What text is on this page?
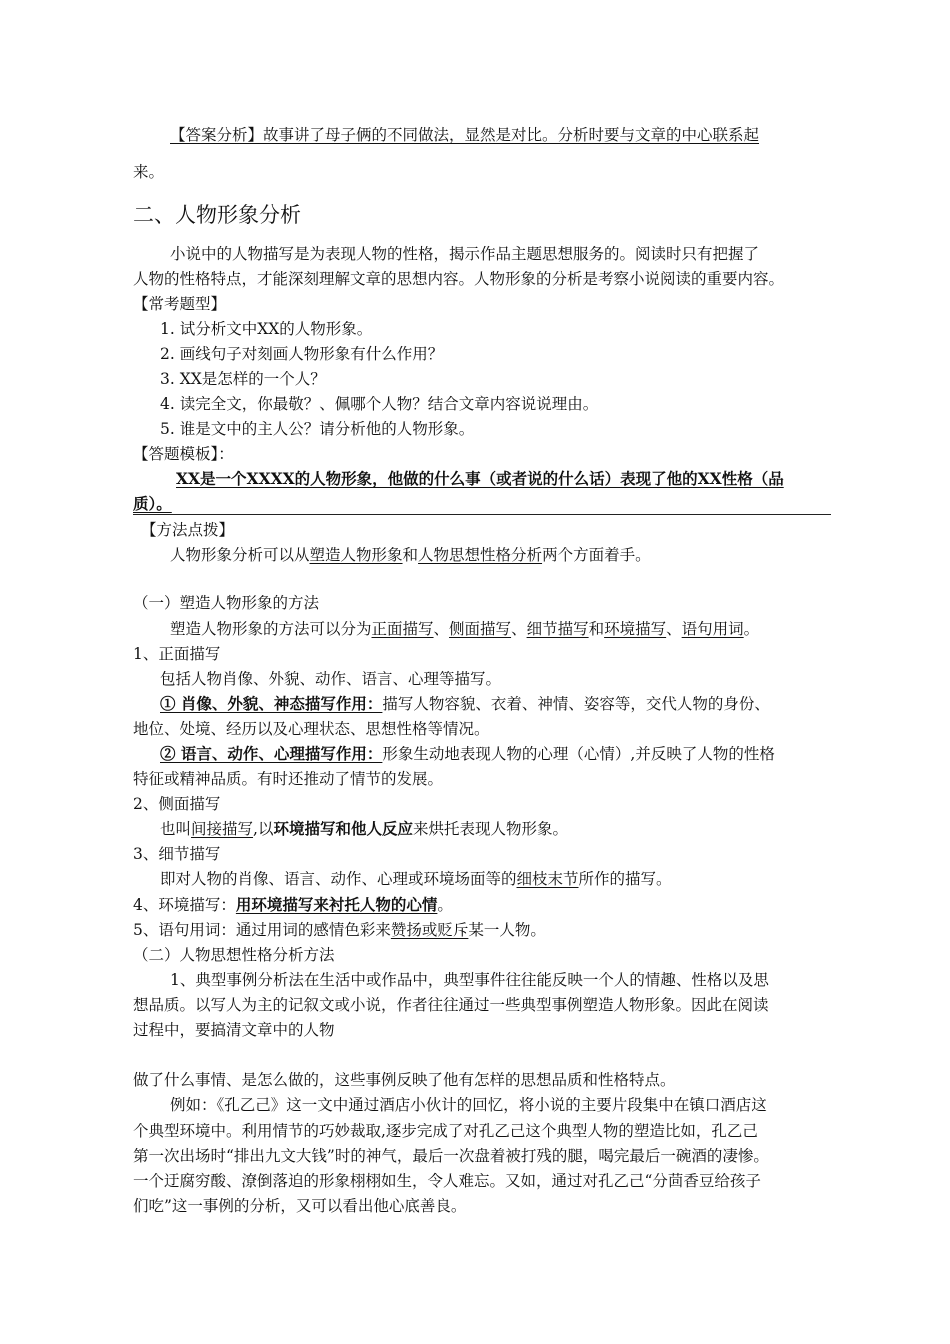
【答案分析】故事讲了母子俩的不同做法，显然是对比。分析时要与文章的中心联系起
来。
二、人物形象分析
小说中的人物描写是为表现人物的性格，揭示作品主题思想服务的。阅读时只有把握了
人物的性格特点，才能深刻理解文章的思想内容。人物形象的分析是考察小说阅读的重要内容。
【常考题型】
1. 试分析文中XX的人物形象。
2. 画线句子对刻画人物形象有什么作用？
3. XX是怎样的一个人？
4. 读完全文，你最敬？、佩哪个人物？结合文章内容说说理由。
5. 谁是文中的主人公？请分析他的人物形象。
【答题模板】：
XX是一个XXXX的人物形象，他做的什么事（或者说的什么话）表现了他的XX性格（品
质）。
【方法点拨】
人物形象分析可以从塑造人物形象和人物思想性格分析两个方面着手。
（一）塑造人物形象的方法
塑造人物形象的方法可以分为正面描写、侧面描写、细节描写和环境描写、语句用词。
1、正面描写
包括人物肖像、外貌、动作、语言、心理等描写。
① 肖像、外貌、神态描写作用：描写人物容貌、衣着、神情、姿容等，交代人物的身份、
地位、处境、经历以及心理状态、思想性格等情况。
② 语言、动作、心理描写作用：形象生动地表现人物的心理（心情）,并反映了人物的性格
特征或精神品质。有时还推动了情节的发展。
2、侧面描写
也叫间接描写,以环境描写和他人反应来烘托表现人物形象。
3、细节描写
即对人物的肖像、语言、动作、心理或环境场面等的细枝末节所作的描写。
4、环境描写：用环境描写来衬托人物的心情。
5、语句用词：通过用词的感情色彩来赞扬或贬斥某一人物。
（二）人物思想性格分析方法
1、典型事例分析法在生活中或作品中，典型事件往往能反映一个人的情趣、性格以及思
想品质。以写人为主的记叙文或小说，作者往往通过一些典型事例塑造人物形象。因此在阅读
过程中，要搞清文章中的人物
做了什么事情、是怎么做的，这些事例反映了他有怎样的思想品质和性格特点。
例如：《孔乙己》这一文中通过酒店小伙计的回忆，将小说的主要片段集中在镇口酒店这
个典型环境中。利用情节的巧妙裁取,逐步完成了对孔乙己这个典型人物的塑造比如，孔乙己
第一次出场时“排出九文大钱”时的神气，最后一次盘着被打残的腿，喝完最后一碗酒的凄惨。
一个迂腐穷酸、潦倒落迫的形象栩栩如生，令人难忘。又如，通过对孔乙己“分茴香豆给孩子
们吃”这一事例的分析，又可以看出他心底善良。
